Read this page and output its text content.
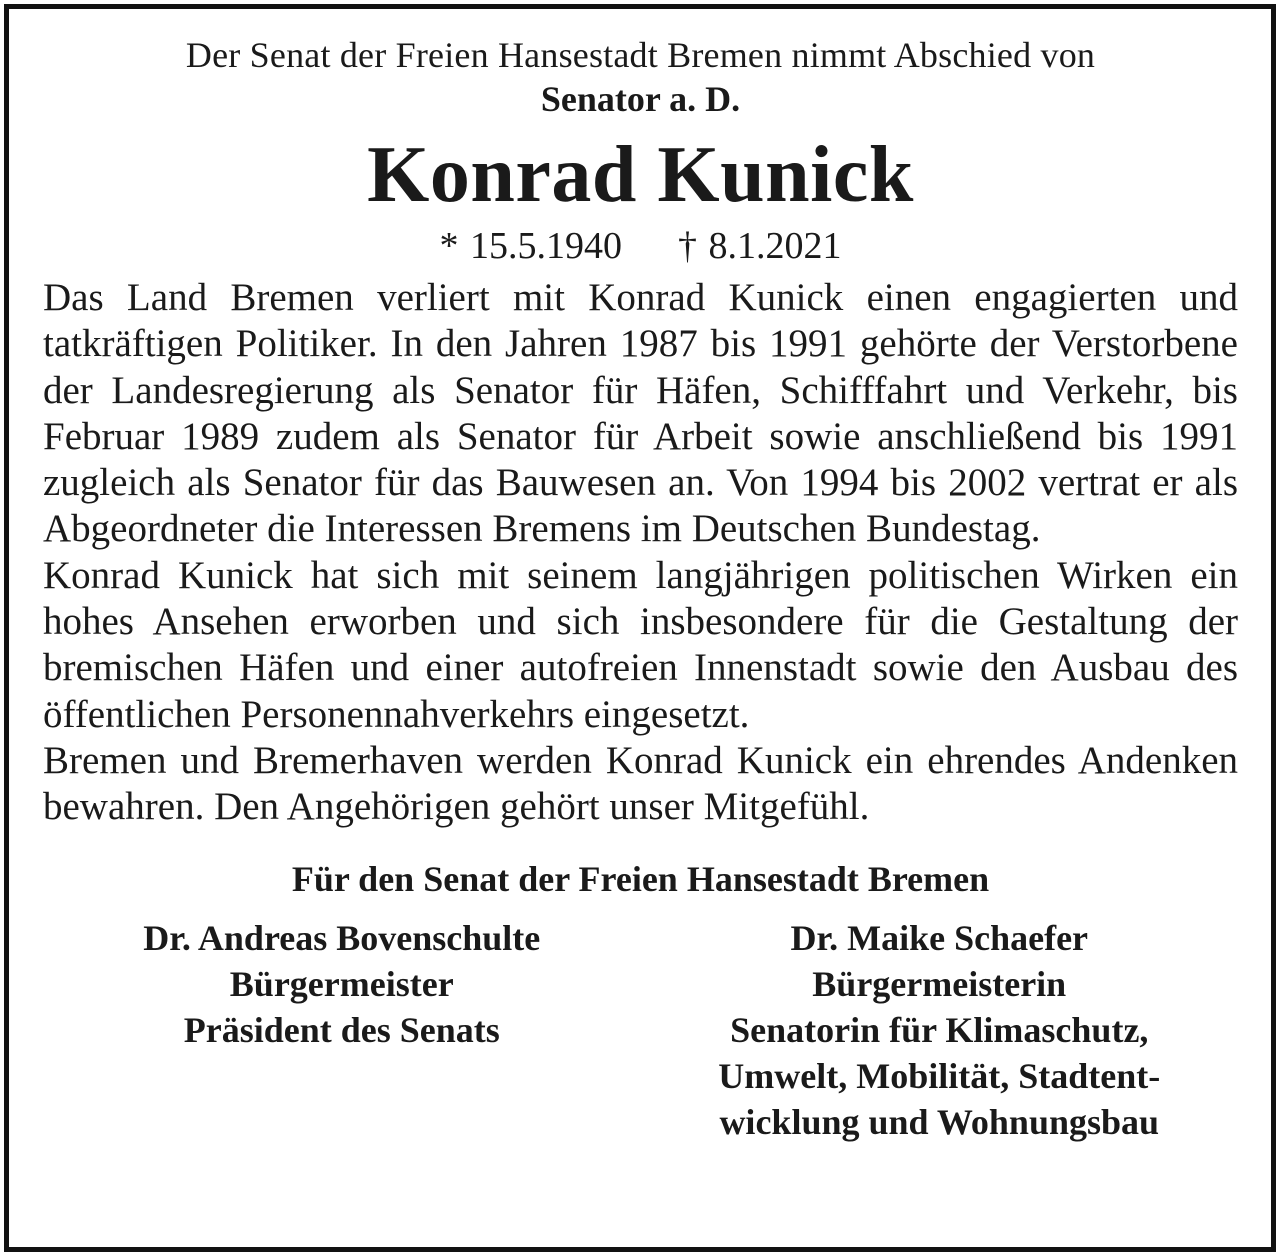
Der Senat der Freien Hansestadt Bremen nimmt Abschied von
Senator a. D.
Konrad Kunick
* 15.5.1940 † 8.1.2021

Das Land Bremen verliert mit Konrad Kunick einen engagierten und tatkräftigen Politiker. In den Jahren 1987 bis 1991 gehörte der Verstorbene der Landesregierung als Senator für Häfen, Schifffahrt und Verkehr, bis Februar 1989 zudem als Senator für Arbeit sowie anschließend bis 1991 zugleich als Senator für das Bauwesen an. Von 1994 bis 2002 vertrat er als Abgeordneter die Interessen Bremens im Deutschen Bundestag.

Konrad Kunick hat sich mit seinem langjährigen politischen Wirken ein hohes Ansehen erworben und sich insbesondere für die Gestaltung der bremischen Häfen und einer autofreien Innenstadt sowie den Ausbau des öffentlichen Personennahverkehrs eingesetzt.

Bremen und Bremerhaven werden Konrad Kunick ein ehrendes Andenken bewahren. Den Angehörigen gehört unser Mitgefühl.

Für den Senat der Freien Hansestadt Bremen
Dr. Andreas Bovenschulte
Bürgermeister
Präsident des Senats
Dr. Maike Schaefer
Bürgermeisterin
Senatorin für Klimaschutz,
Umwelt, Mobilität, Stadtent-
wicklung und Wohnungsbau
